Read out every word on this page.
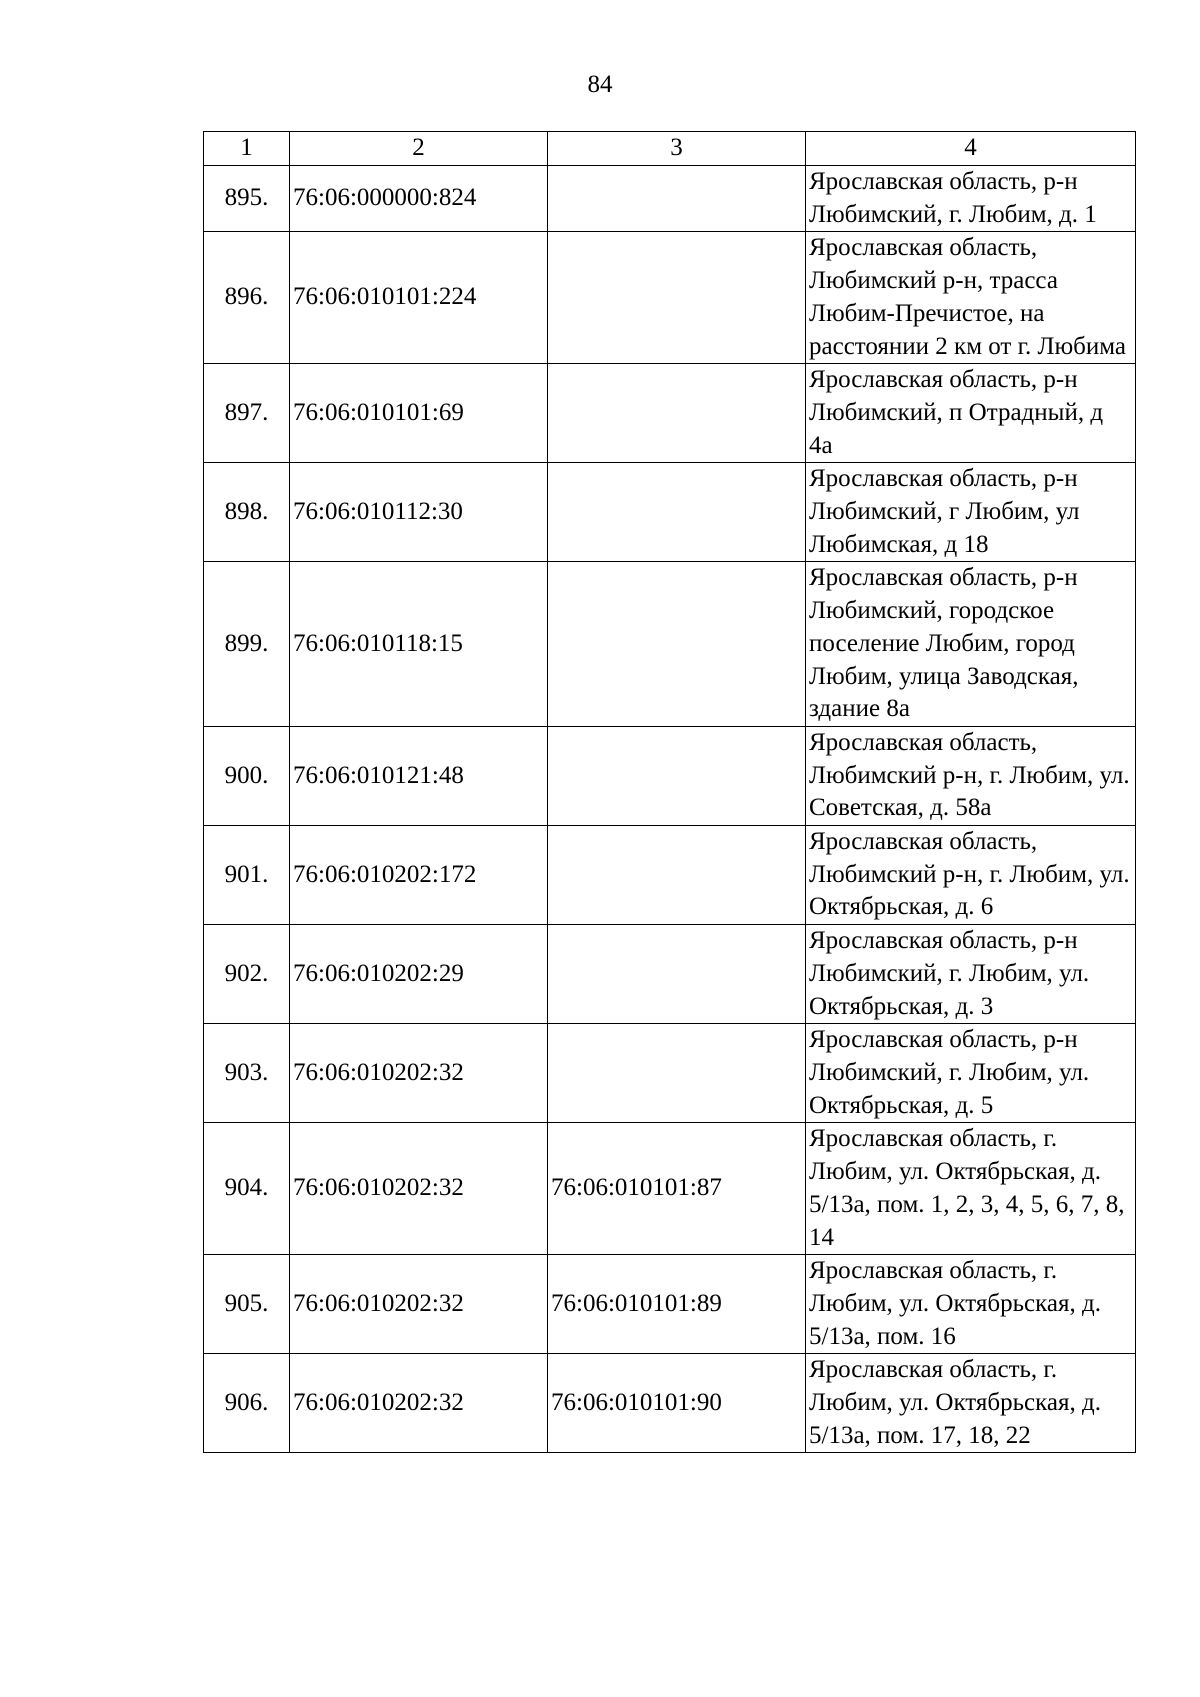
84
1	2	3	4
895.	76:06:000000:824		Ярославская область, р-н Любимский, г. Любим, д. 1
896.	76:06:010101:224		Ярославская область, Любимский р-н, трасса Любим-Пречистое, на расстоянии 2 км от г. Любима
897.	76:06:010101:69		Ярославская область, р-н Любимский, п Отрадный, д 4а
898.	76:06:010112:30		Ярославская область, р-н Любимский, г Любим, ул Любимская, д 18
899.	76:06:010118:15		Ярославская область, р-н Любимский, городское поселение Любим, город Любим, улица Заводская, здание 8а
900.	76:06:010121:48		Ярославская область, Любимский р-н, г. Любим, ул. Советская, д. 58а
901.	76:06:010202:172		Ярославская область, Любимский р-н, г. Любим, ул. Октябрьская, д. 6
902.	76:06:010202:29		Ярославская область, р-н Любимский, г. Любим, ул. Октябрьская, д. 3
903.	76:06:010202:32		Ярославская область, р-н Любимский, г. Любим, ул. Октябрьская, д. 5
904.	76:06:010202:32	76:06:010101:87	Ярославская область, г. Любим, ул. Октябрьская, д. 5/13а, пом. 1, 2, 3, 4, 5, 6, 7, 8, 14
905.	76:06:010202:32	76:06:010101:89	Ярославская область, г. Любим, ул. Октябрьская, д. 5/13а, пом. 16
906.	76:06:010202:32	76:06:010101:90	Ярославская область, г. Любим, ул. Октябрьская, д. 5/13а, пом. 17, 18, 22
